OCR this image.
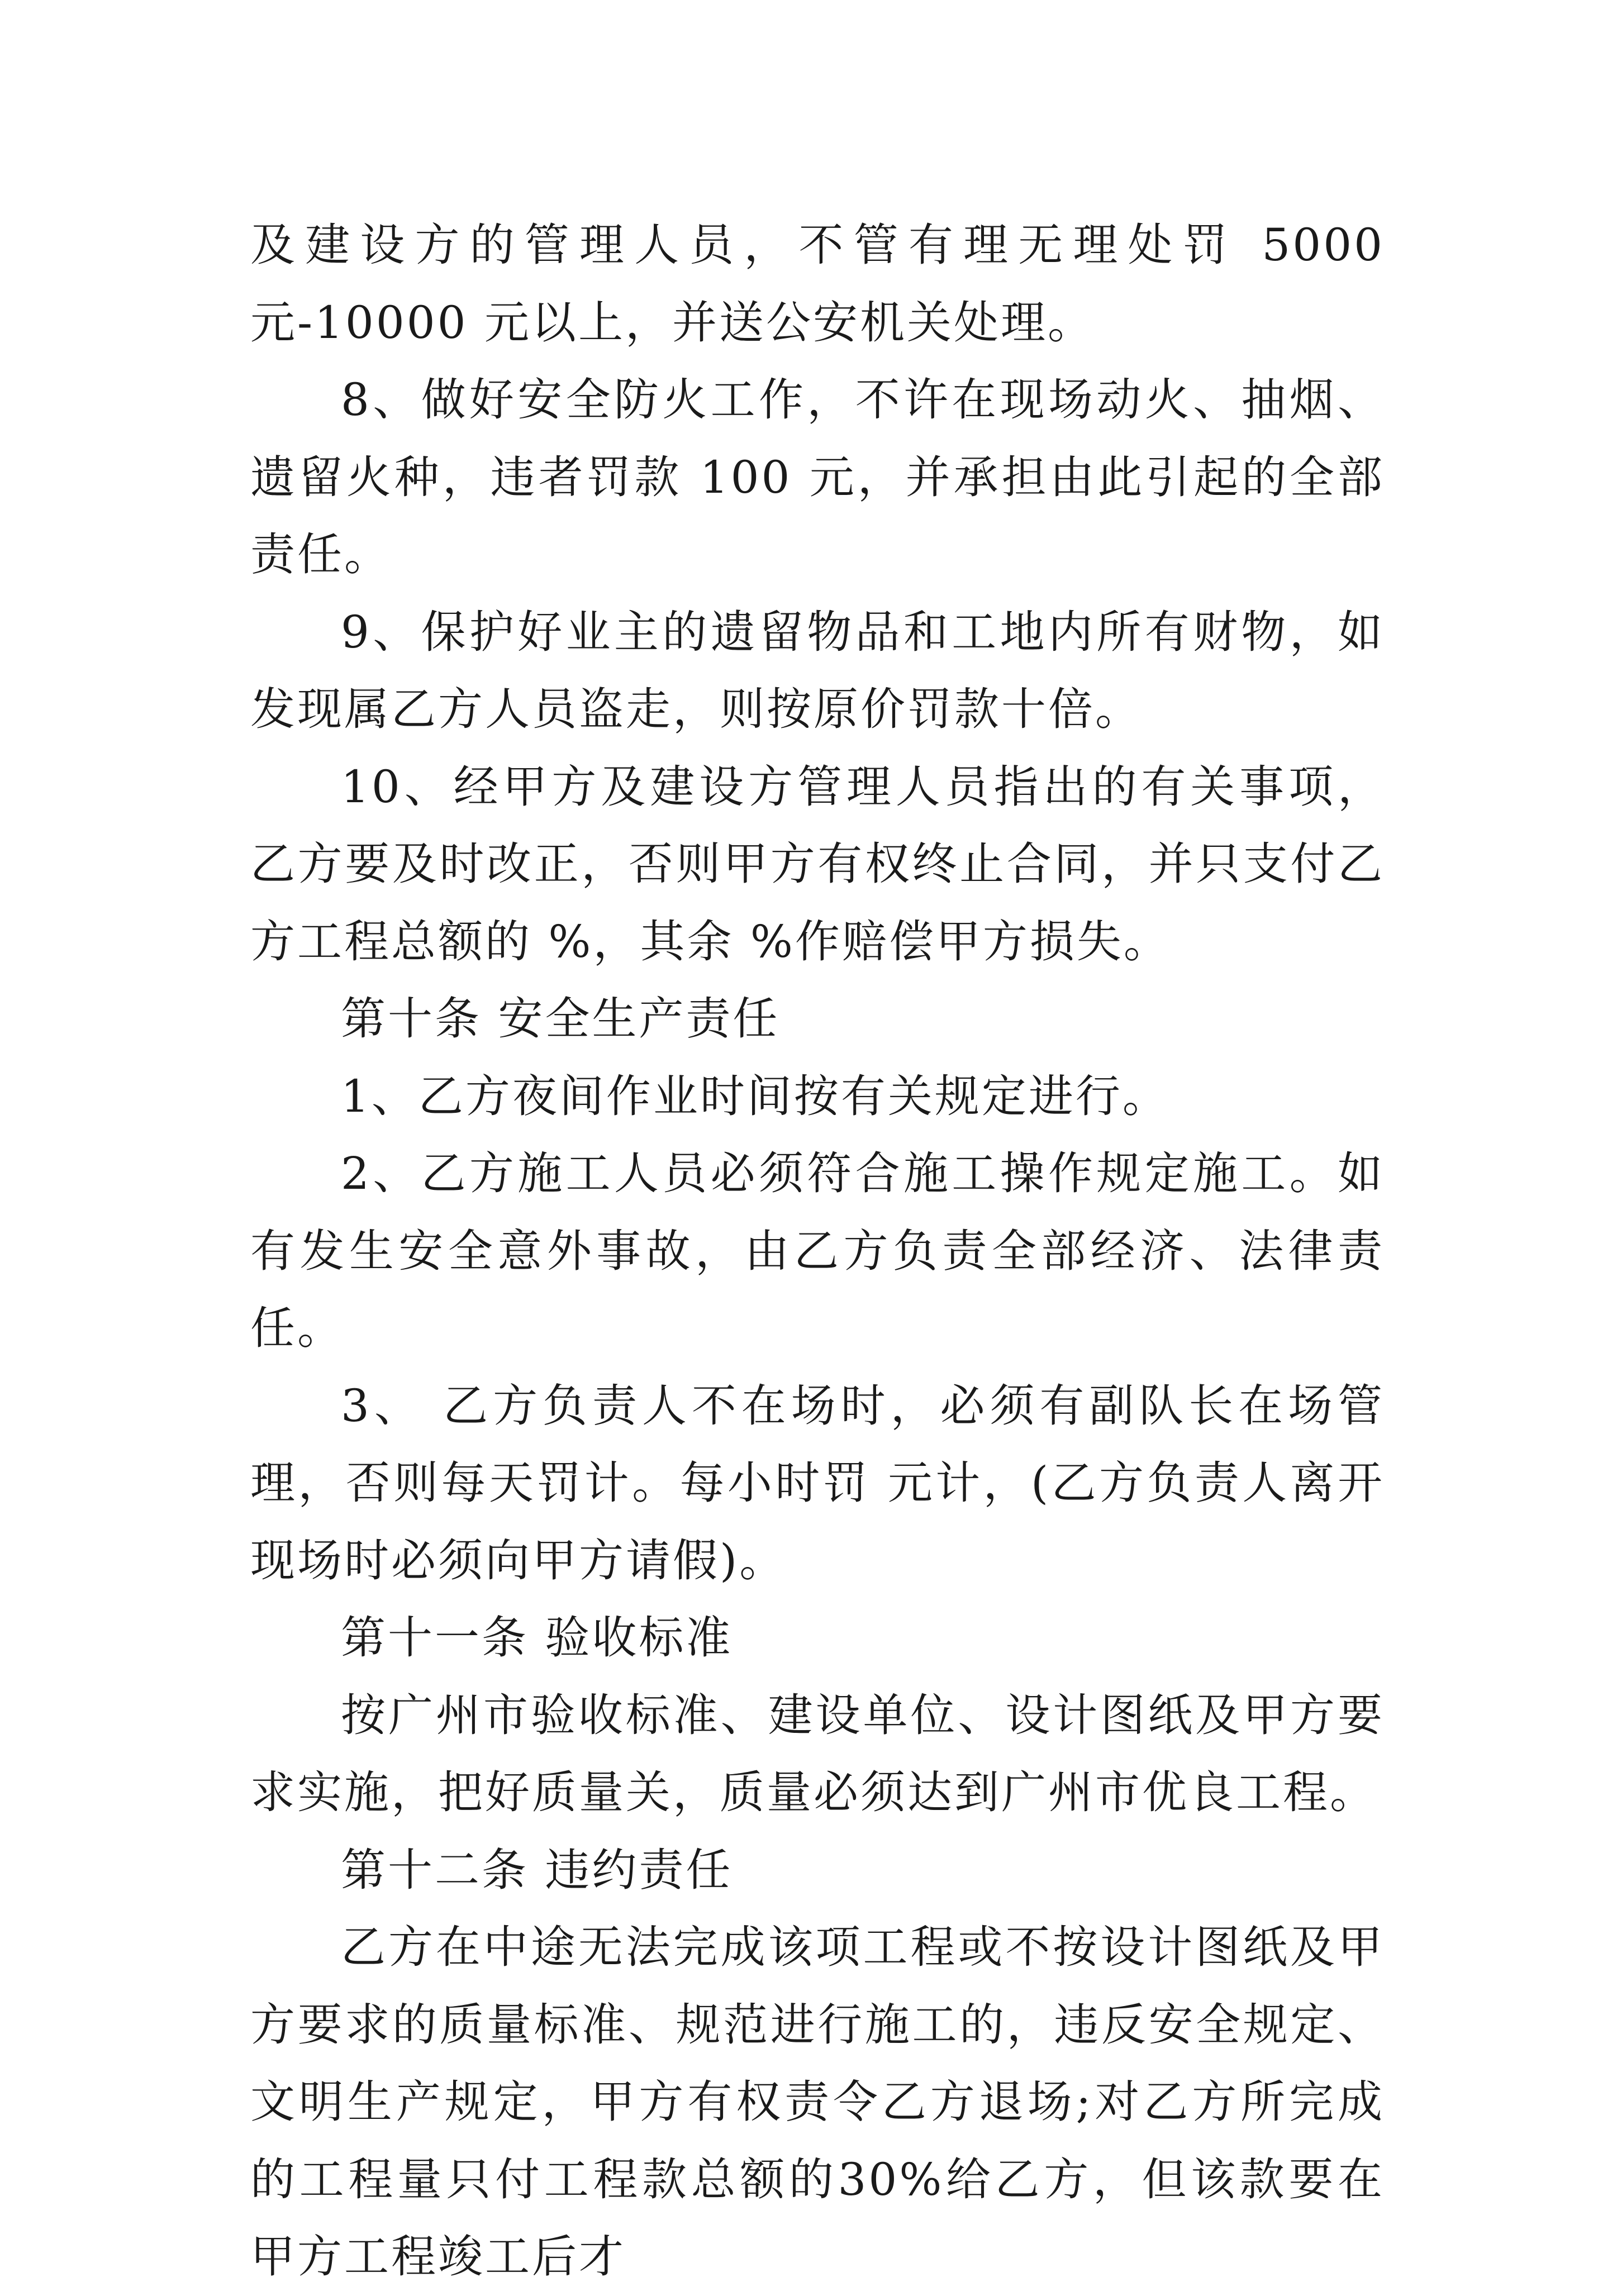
及建设方的管理人员，不管有理无理处罚 5000 元-10000 元以上，并送公安机关处理。

8、做好安全防火工作，不许在现场动火、抽烟、遗留火种，违者罚款 100 元，并承担由此引起的全部责任。

9、保护好业主的遗留物品和工地内所有财物，如发现属乙方人员盗走，则按原价罚款十倍。

10、经甲方及建设方管理人员指出的有关事项，乙方要及时改正，否则甲方有权终止合同，并只支付乙方工程总额的 %，其余 %作赔偿甲方损失。

第十条 安全生产责任

1、乙方夜间作业时间按有关规定进行。

2、乙方施工人员必须符合施工操作规定施工。如有发生安全意外事故，由乙方负责全部经济、法律责任。

3、 乙方负责人不在场时，必须有副队长在场管理，否则每天罚计。每小时罚 元计，(乙方负责人离开现场时必须向甲方请假)。

第十一条 验收标准

按广州市验收标准、建设单位、设计图纸及甲方要求实施，把好质量关，质量必须达到广州市优良工程。

第十二条 违约责任

乙方在中途无法完成该项工程或不按设计图纸及甲方要求的质量标准、规范进行施工的，违反安全规定、文明生产规定，甲方有权责令乙方退场;对乙方所完成的工程量只付工程款总额的30%给乙方，但该款要在甲方工程竣工后才
